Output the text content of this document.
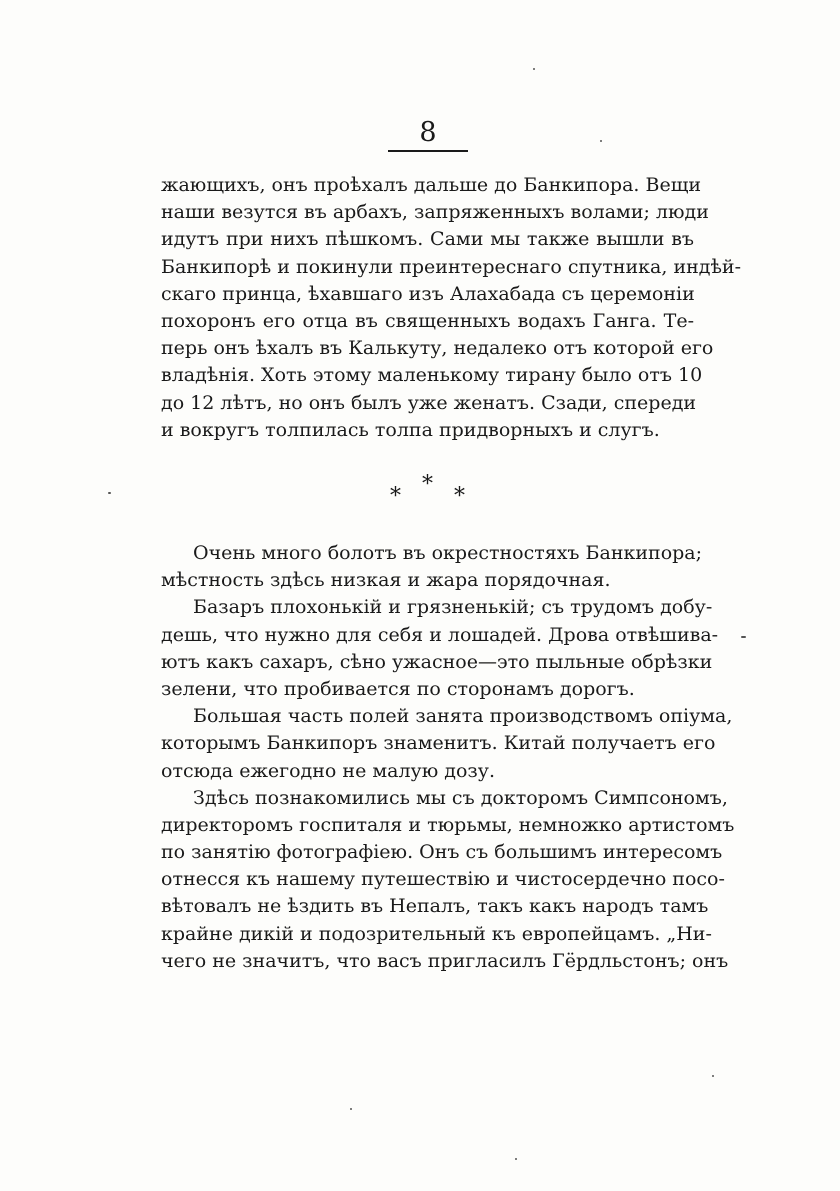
8
жающихъ, онъ проѣхалъ дальше до Банкипора. Вещи
наши везутся въ арбахъ, запряженныхъ волами; люди
идутъ при нихъ пѣшкомъ. Сами мы также вышли въ
Банкипорѣ и покинули преинтереснаго спутника, индѣй-
скаго принца, ѣхавшаго изъ Алахабада съ церемоніи
похоронъ его отца въ священныхъ водахъ Ганга. Те-
перь онъ ѣхалъ въ Калькуту, недалеко отъ которой его
владѣнія. Хоть этому маленькому тирану было отъ 10
до 12 лѣтъ, но онъ былъ уже женатъ. Сзади, спереди
и вокругъ толпилась толпа придворныхъ и слугъ.
* * *
Очень много болотъ въ окрестностяхъ Банкипора;
мѣстность здѣсь низкая и жара порядочная.
Базаръ плохонькій и грязненькій; съ трудомъ добу-
дешь, что нужно для себя и лошадей. Дрова отвѣшива-
ютъ какъ сахаръ, сѣно ужасное—это пыльные обрѣзки
зелени, что пробивается по сторонамъ дорогъ.
Большая часть полей занята производствомъ опіума,
которымъ Банкипоръ знаменитъ. Китай получаетъ его
отсюда ежегодно не малую дозу.
Здѣсь познакомились мы съ докторомъ Симпсономъ,
директоромъ госпиталя и тюрьмы, немножко артистомъ
по занятію фотографіею. Онъ съ большимъ интересомъ
отнесся къ нашему путешествію и чистосердечно посо-
вѣтовалъ не ѣздить въ Непалъ, такъ какъ народъ тамъ
крайне дикій и подозрительный къ европейцамъ. „Ни-
чего не значитъ, что васъ пригласилъ Гёрдльстонъ; онъ
